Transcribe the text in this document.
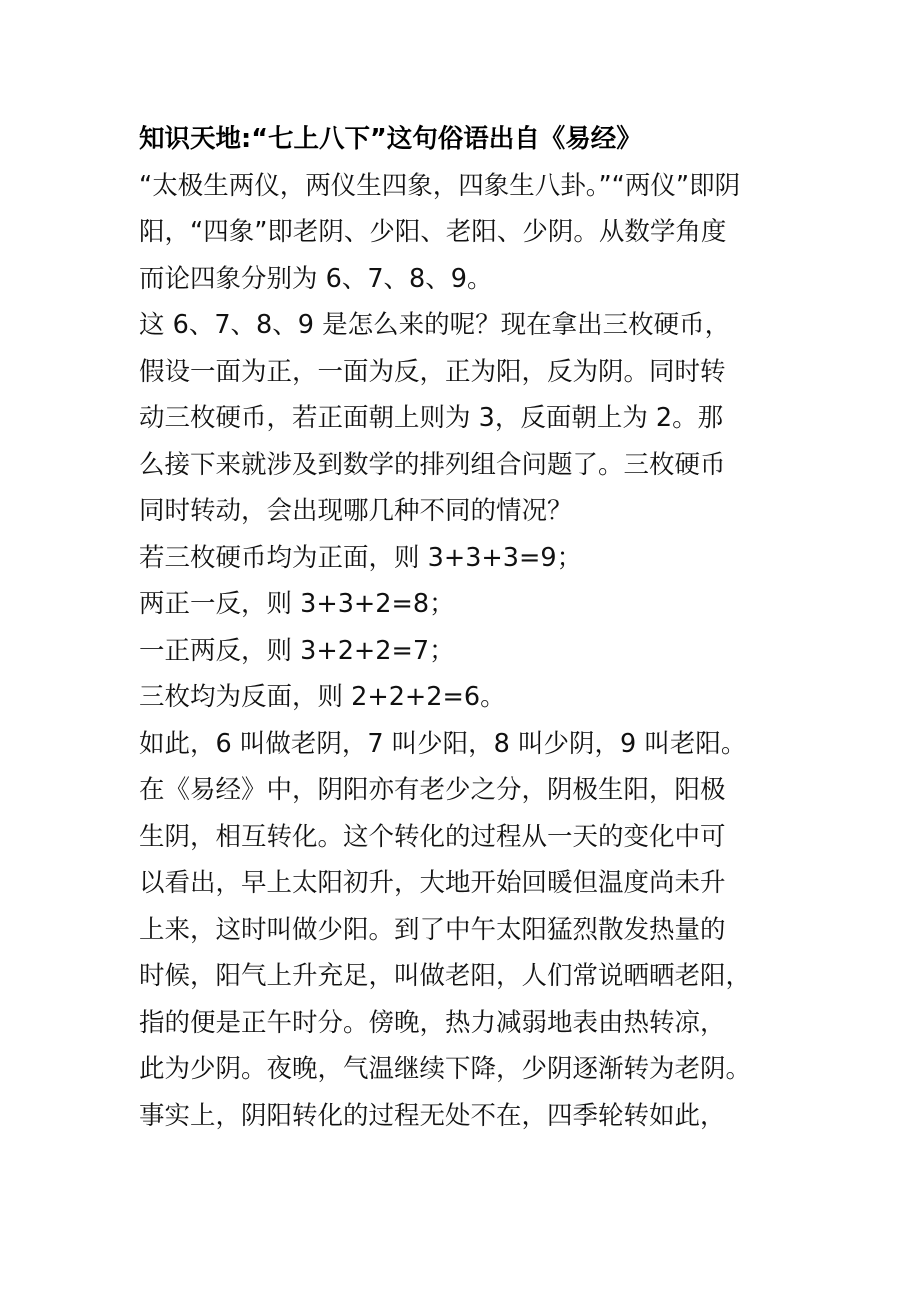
知识天地:“七上八下”这句俗语出自《易经》
“太极生两仪，两仪生四象，四象生八卦。”“两仪”即阴
阳，“四象”即老阴、少阳、老阳、少阴。从数学角度
而论四象分别为 6、7、8、9。
这 6、7、8、9 是怎么来的呢？现在拿出三枚硬币，
假设一面为正，一面为反，正为阳，反为阴。同时转
动三枚硬币，若正面朝上则为 3，反面朝上为 2。那
么接下来就涉及到数学的排列组合问题了。三枚硬币
同时转动，会出现哪几种不同的情况？
若三枚硬币均为正面，则 3+3+3=9；
两正一反，则 3+3+2=8；
一正两反，则 3+2+2=7；
三枚均为反面，则 2+2+2=6。
如此，6 叫做老阴，7 叫少阳，8 叫少阴，9 叫老阳。
在《易经》中，阴阳亦有老少之分，阴极生阳，阳极
生阴，相互转化。这个转化的过程从一天的变化中可
以看出，早上太阳初升，大地开始回暖但温度尚未升
上来，这时叫做少阳。到了中午太阳猛烈散发热量的
时候，阳气上升充足，叫做老阳，人们常说晒晒老阳，
指的便是正午时分。傍晚，热力减弱地表由热转凉，
此为少阴。夜晚，气温继续下降，少阴逐渐转为老阴。
事实上，阴阳转化的过程无处不在，四季轮转如此，
